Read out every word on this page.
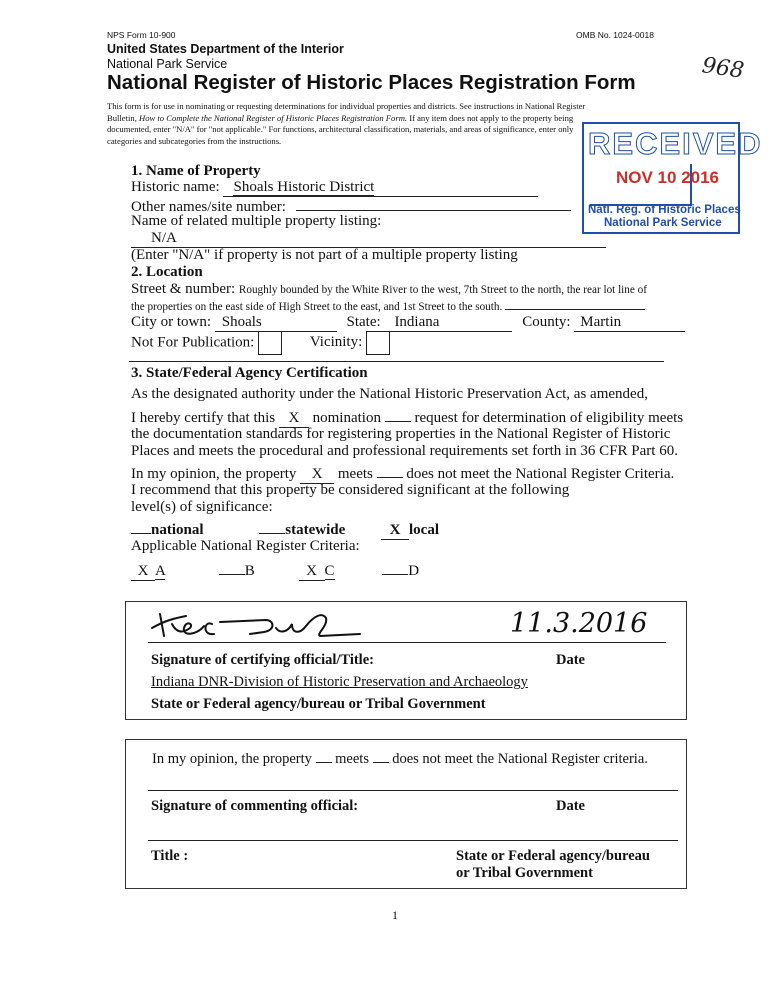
NPS Form 10-900	OMB No. 1024-0018
United States Department of the Interior
National Park Service
National Register of Historic Places Registration Form	968
This form is for use in nominating or requesting determinations for individual properties and districts. See instructions in National Register
Bulletin, How to Complete the National Register of Historic Places Registration Form. If any item does not apply to the property being
documented, enter "N/A" for "not applicable." For functions, architectural classification, materials, and areas of significance, enter only
categories and subcategories from the instructions.	RECEIVED
NOV 10 2016
Natl. Reg. of Historic Places
National Park Service
1. Name of Property
Historic name: Shoals Historic District
Other names/site number:
Name of related multiple property listing:
N/A
(Enter "N/A" if property is not part of a multiple property listing
2. Location
Street & number: Roughly bounded by the White River to the west, 7th Street to the north, the rear lot line of
the properties on the east side of High Street to the east, and 1st Street to the south.
City or town: Shoals	State: Indiana	County: Martin
Not For Publication:	Vicinity:
3. State/Federal Agency Certification
As the designated authority under the National Historic Preservation Act, as amended,
I hereby certify that this X nomination request for determination of eligibility meets
the documentation standards for registering properties in the National Register of Historic
Places and meets the procedural and professional requirements set forth in 36 CFR Part 60.
In my opinion, the property X meets does not meet the National Register Criteria.
I recommend that this property be considered significant at the following
level(s) of significance:
national	statewide	X local
Applicable National Register Criteria:
X A	B	X C	D
11.3.2016
Signature of certifying official/Title:	Date
Indiana DNR-Division of Historic Preservation and Archaeology
State or Federal agency/bureau or Tribal Government
In my opinion, the property meets does not meet the National Register criteria.
Signature of commenting official:	Date
Title :	State or Federal agency/bureau
or Tribal Government
1
